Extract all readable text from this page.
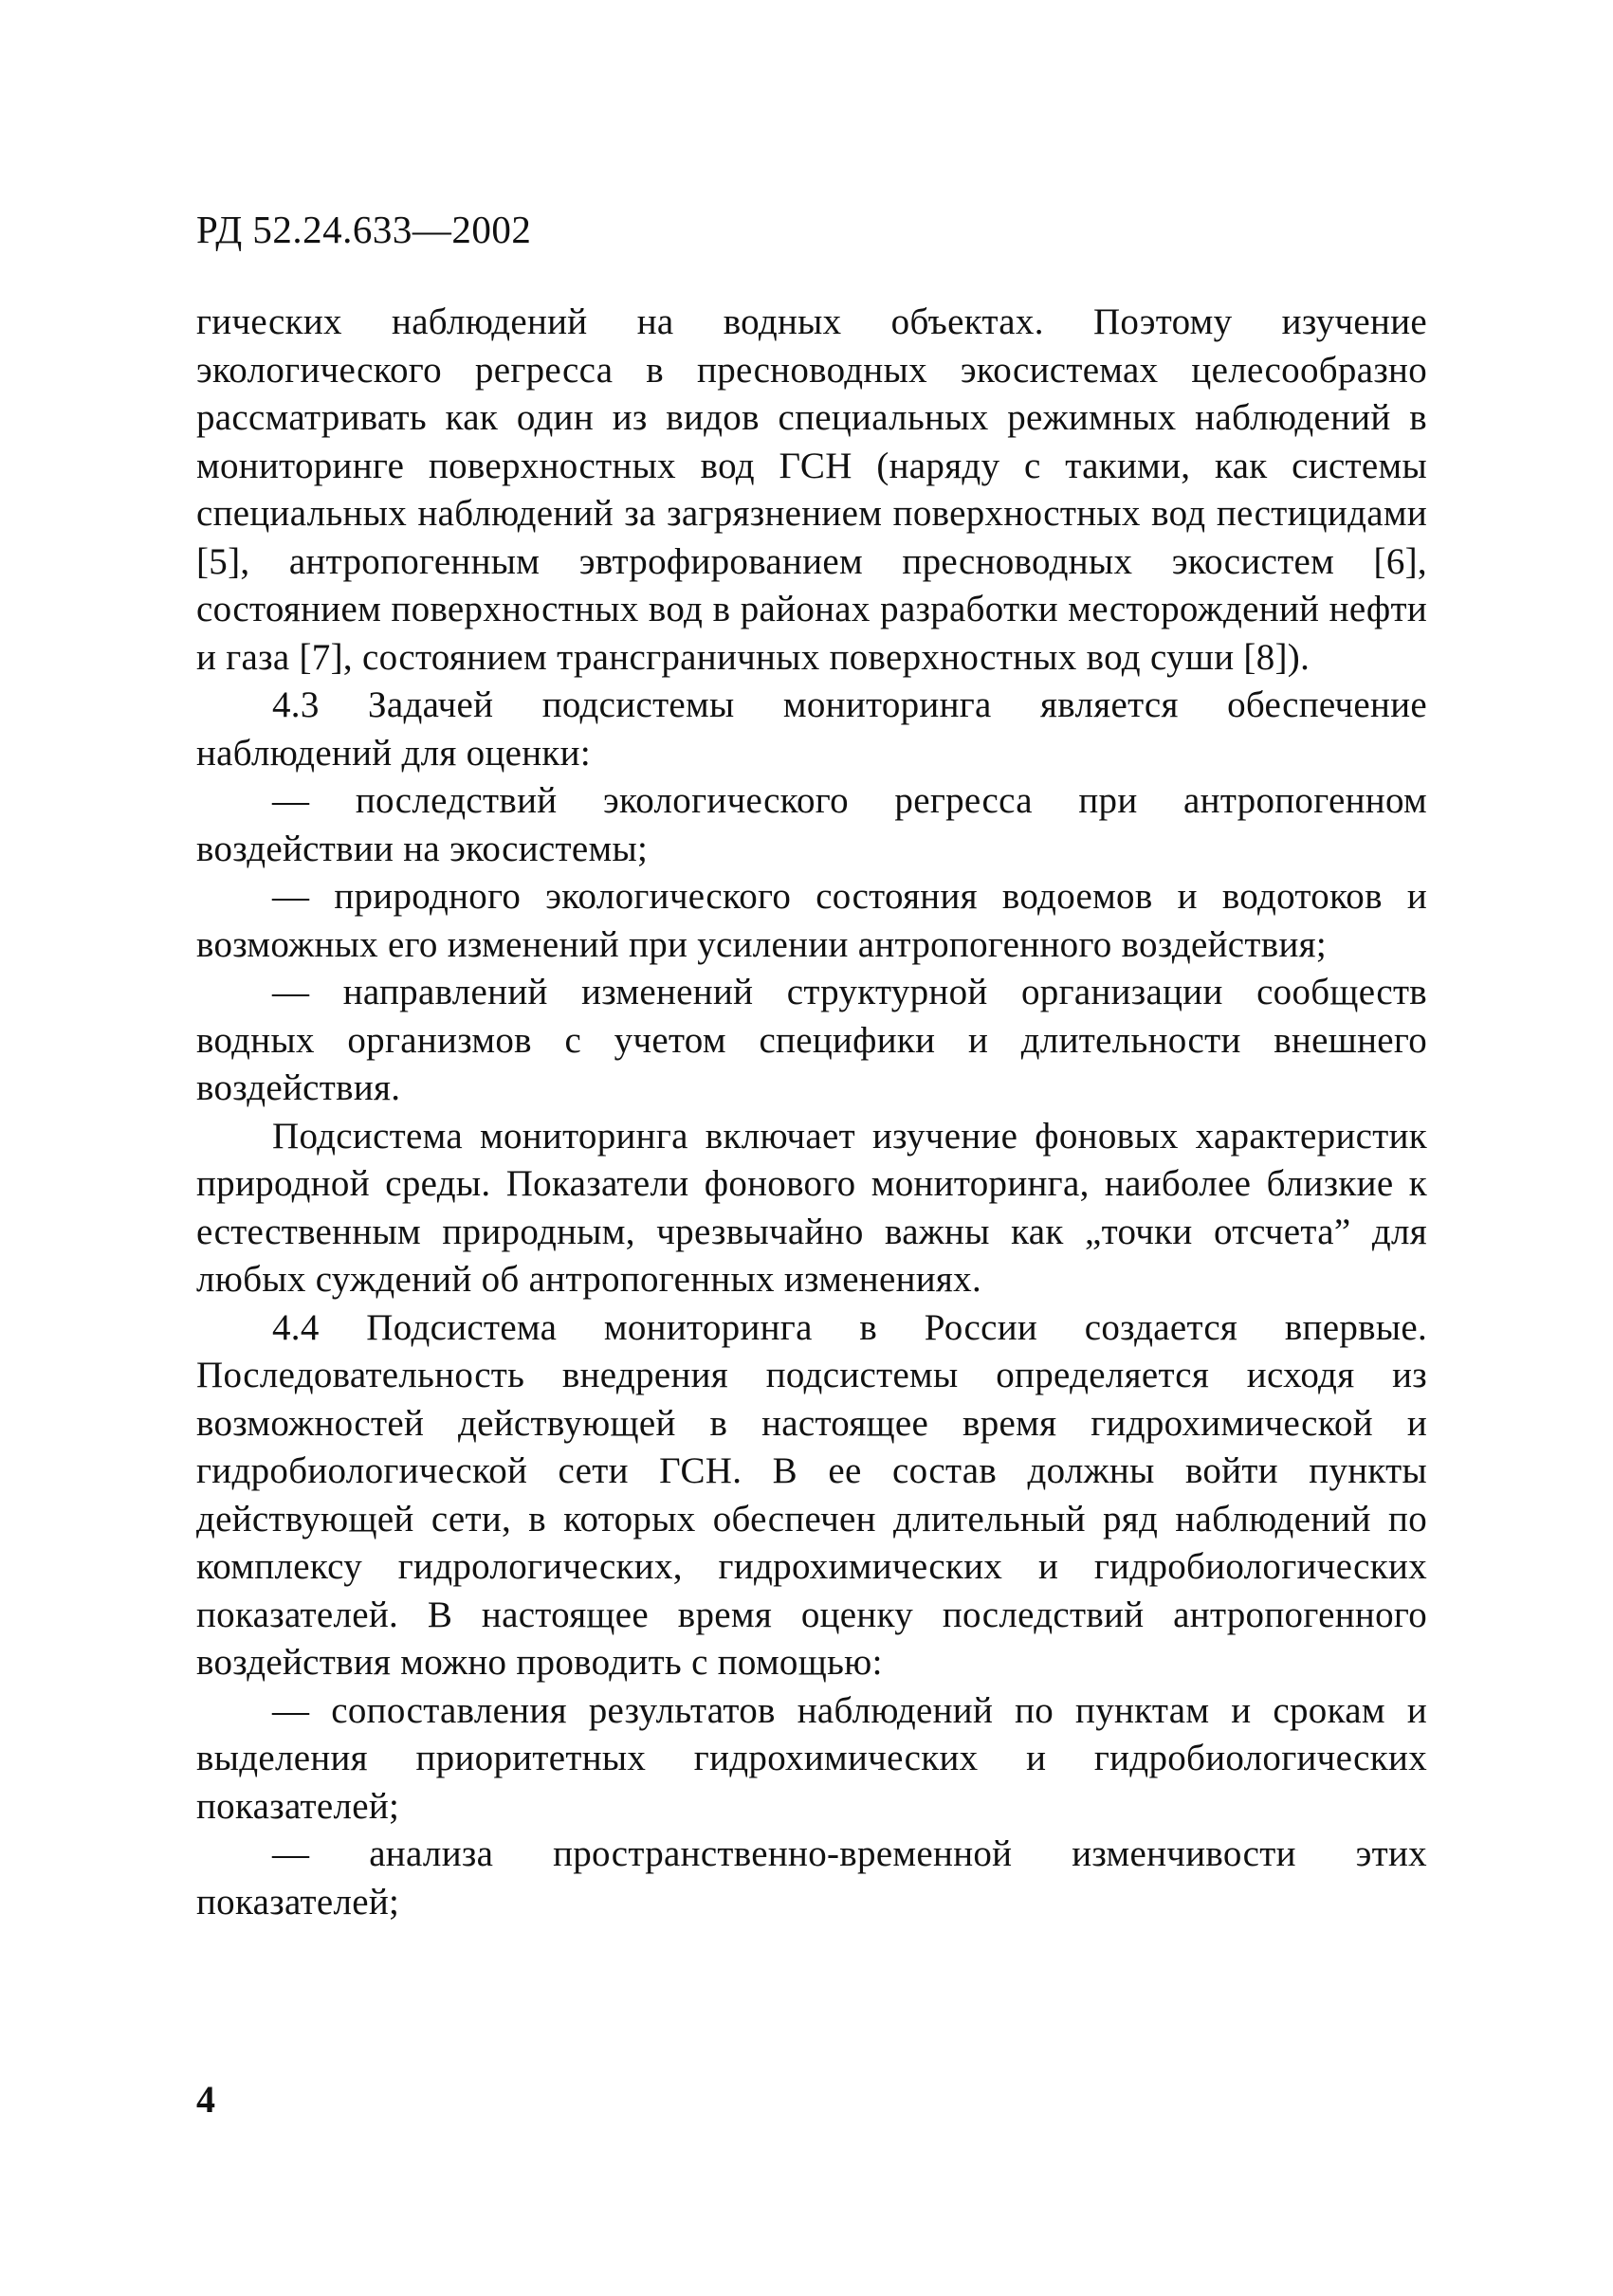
РД 52.24.633—2002

гических наблюдений на водных объектах. Поэтому изучение экологического регресса в пресноводных экосистемах целесообразно рассматривать как один из видов специальных режимных наблюдений в мониторинге поверхностных вод ГСН (наряду с такими, как системы специальных наблюдений за загрязнением поверхностных вод пестицидами [5], антропогенным эвтрофированием пресноводных экосистем [6], состоянием поверхностных вод в районах разработки месторождений нефти и газа [7], состоянием трансграничных поверхностных вод суши [8]).

4.3 Задачей подсистемы мониторинга является обеспечение наблюдений для оценки:

— последствий экологического регресса при антропогенном воздействии на экосистемы;

— природного экологического состояния водоемов и водотоков и возможных его изменений при усилении антропогенного воздействия;

— направлений изменений структурной организации сообществ водных организмов с учетом специфики и длительности внешнего воздействия.

Подсистема мониторинга включает изучение фоновых характеристик природной среды. Показатели фонового мониторинга, наиболее близкие к естественным природным, чрезвычайно важны как „точки отсчета” для любых суждений об антропогенных изменениях.

4.4 Подсистема мониторинга в России создается впервые. Последовательность внедрения подсистемы определяется исходя из возможностей действующей в настоящее время гидрохимической и гидробиологической сети ГСН. В ее состав должны войти пункты действующей сети, в которых обеспечен длительный ряд наблюдений по комплексу гидрологических, гидрохимических и гидробиологических показателей. В настоящее время оценку последствий антропогенного воздействия можно проводить с помощью:

— сопоставления результатов наблюдений по пунктам и срокам и выделения приоритетных гидрохимических и гидробиологических показателей;

— анализа пространственно-временной изменчивости этих показателей;

4
